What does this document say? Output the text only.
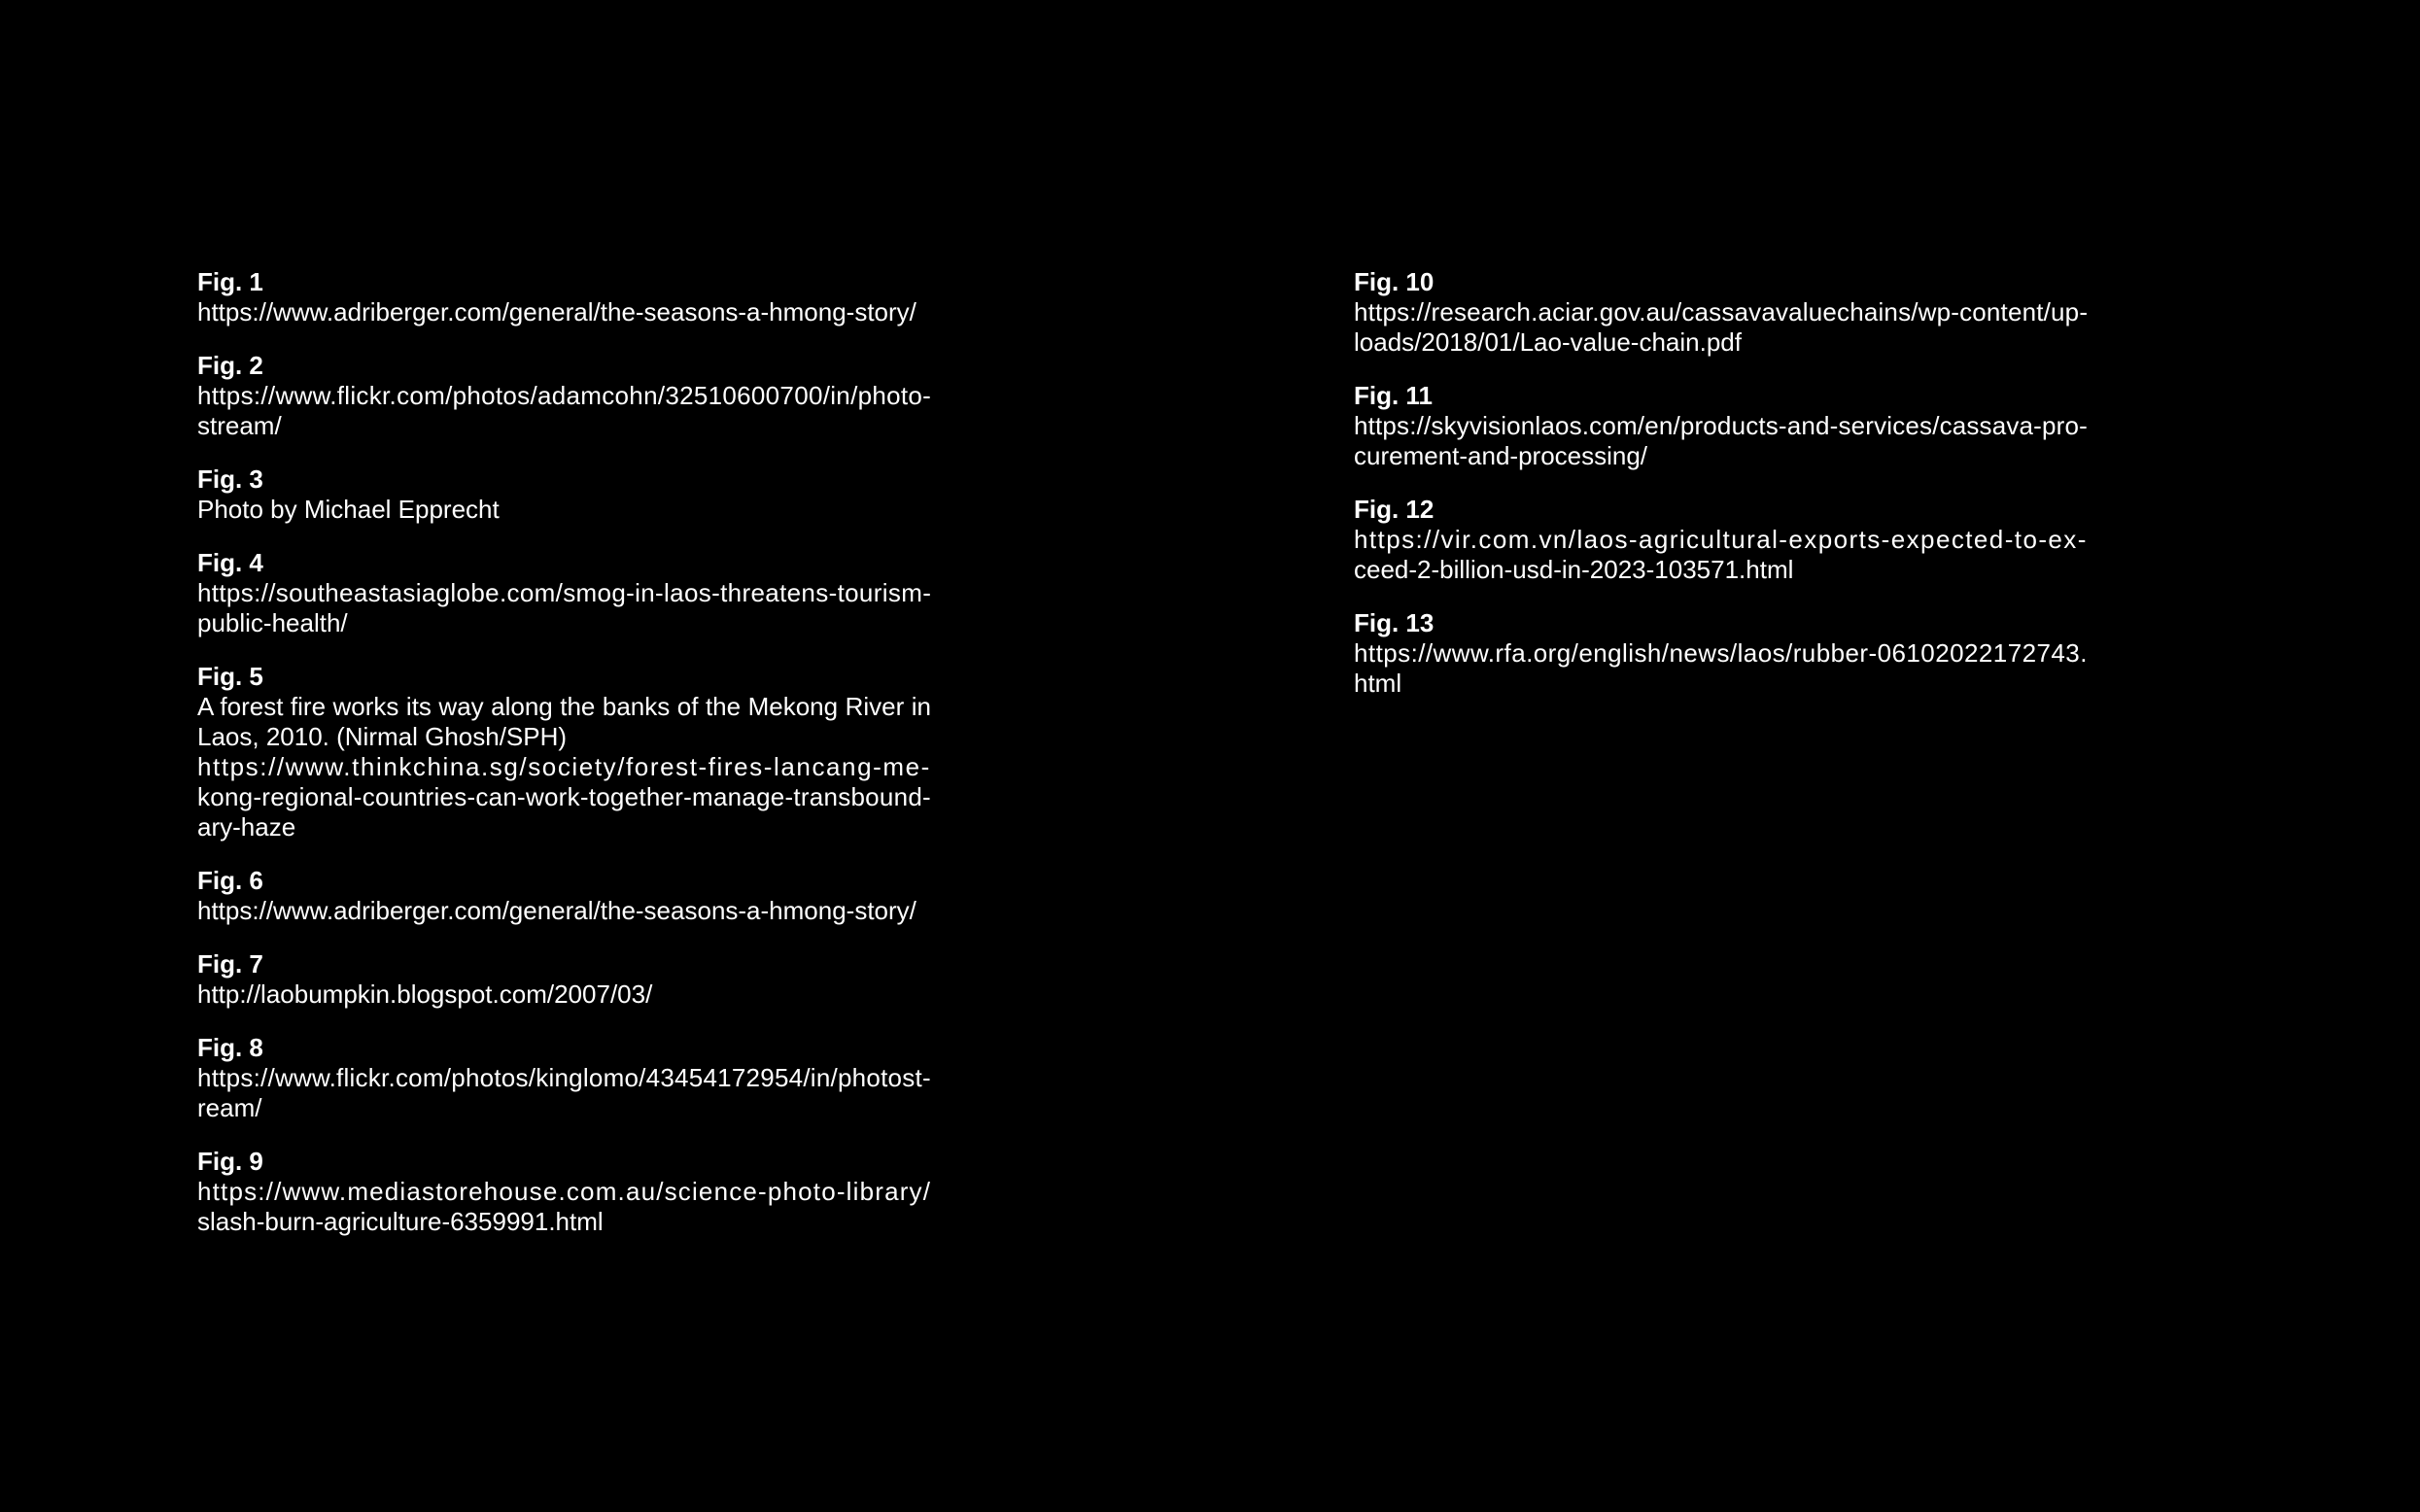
Fig. 1
https://www.adriberger.com/general/the-seasons-a-hmong-story/
Fig. 2
https://www.flickr.com/photos/adamcohn/32510600700/in/photo-
stream/
Fig. 3
Photo by Michael Epprecht
Fig. 4
https://southeastasiaglobe.com/smog-in-laos-threatens-tourism-
public-health/
Fig. 5
A forest fire works its way along the banks of the Mekong River in
Laos, 2010. (Nirmal Ghosh/SPH)
https://www.thinkchina.sg/society/forest-fires-lancang-me-
kong-regional-countries-can-work-together-manage-transbound-
ary-haze
Fig. 6
https://www.adriberger.com/general/the-seasons-a-hmong-story/
Fig. 7
http://laobumpkin.blogspot.com/2007/03/
Fig. 8
https://www.flickr.com/photos/kinglomo/43454172954/in/photost-
ream/
Fig. 9
https://www.mediastorehouse.com.au/science-photo-library/
slash-burn-agriculture-6359991.html
Fig. 10
https://research.aciar.gov.au/cassavavaluechains/wp-content/up-
loads/2018/01/Lao-value-chain.pdf
Fig. 11
https://skyvisionlaos.com/en/products-and-services/cassava-pro-
curement-and-processing/
Fig. 12
https://vir.com.vn/laos-agricultural-exports-expected-to-ex-
ceed-2-billion-usd-in-2023-103571.html
Fig. 13
https://www.rfa.org/english/news/laos/rubber-06102022172743.
html
